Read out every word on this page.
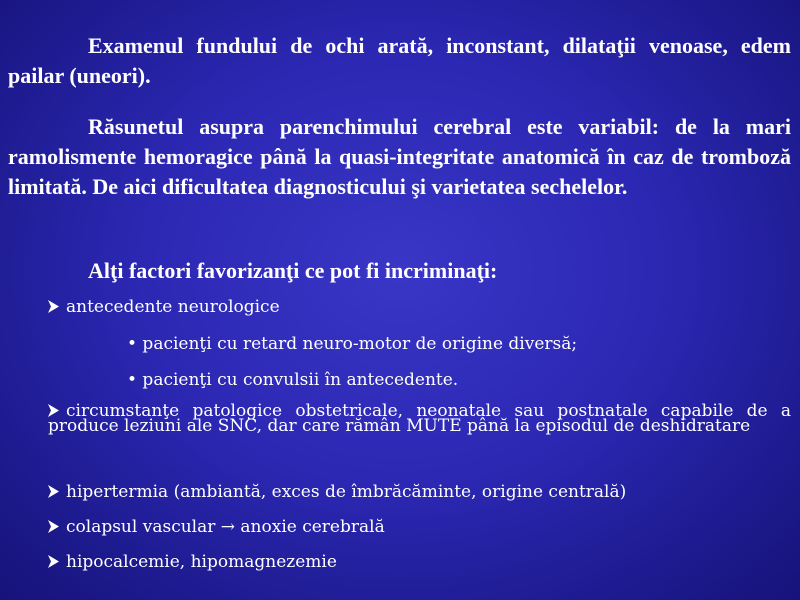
Examenul fundului de ochi arată, inconstant, dilataţii venoase, edem pailar (uneori).
Răsunetul asupra parenchimului cerebral este variabil: de la mari ramolismente hemoragice până la quasi-integritate anatomică în caz de tromboză limitată. De aici dificultatea diagnosticului şi varietatea sechelelor.
Alţi factori favorizanţi ce pot fi incriminaţi:
antecedente neurologice
• pacienţi cu retard neuro-motor de origine diversă;
• pacienţi cu convulsii în antecedente.
circumstanţe patologice obstetricale, neonatale sau postnatale capabile de a produce leziuni ale SNC, dar care rămân MUTE până la episodul de deshidratare
hipertermia (ambiantă, exces de îmbrăcăminte, origine centrală)
colapsul vascular → anoxie cerebrală
hipocalcemie, hipomagnezemie
